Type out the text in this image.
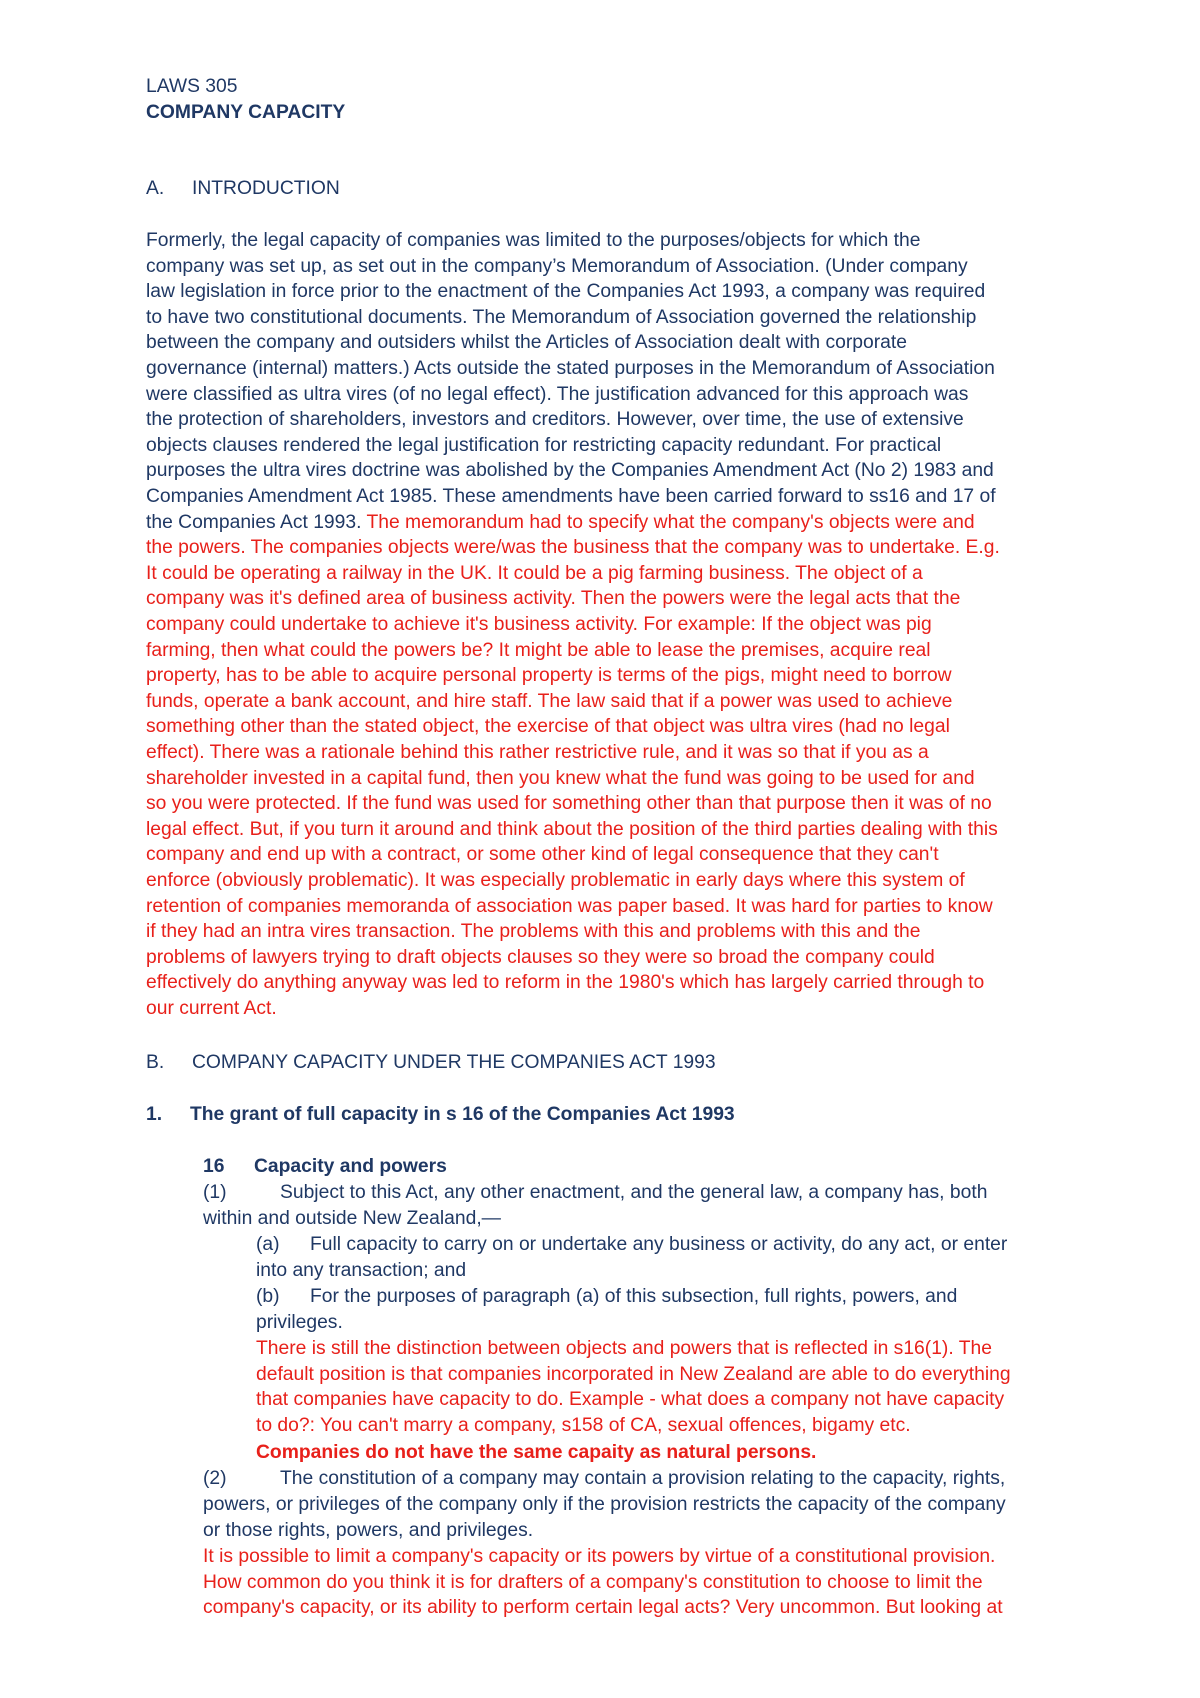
LAWS 305
COMPANY CAPACITY
A. INTRODUCTION
Formerly, the legal capacity of companies was limited to the purposes/objects for which the
company was set up, as set out in the company’s Memorandum of Association. (Under company
law legislation in force prior to the enactment of the Companies Act 1993, a company was required
to have two constitutional documents. The Memorandum of Association governed the relationship
between the company and outsiders whilst the Articles of Association dealt with corporate
governance (internal) matters.) Acts outside the stated purposes in the Memorandum of Association
were classified as ultra vires (of no legal effect). The justification advanced for this approach was
the protection of shareholders, investors and creditors. However, over time, the use of extensive
objects clauses rendered the legal justification for restricting capacity redundant. For practical
purposes the ultra vires doctrine was abolished by the Companies Amendment Act (No 2) 1983 and
Companies Amendment Act 1985. These amendments have been carried forward to ss16 and 17 of
the Companies Act 1993. The memorandum had to specify what the company's objects were and
the powers. The companies objects were/was the business that the company was to undertake. E.g.
It could be operating a railway in the UK. It could be a pig farming business. The object of a
company was it's defined area of business activity. Then the powers were the legal acts that the
company could undertake to achieve it's business activity. For example: If the object was pig
farming, then what could the powers be? It might be able to lease the premises, acquire real
property, has to be able to acquire personal property is terms of the pigs, might need to borrow
funds, operate a bank account, and hire staff. The law said that if a power was used to achieve
something other than the stated object, the exercise of that object was ultra vires (had no legal
effect). There was a rationale behind this rather restrictive rule, and it was so that if you as a
shareholder invested in a capital fund, then you knew what the fund was going to be used for and
so you were protected. If the fund was used for something other than that purpose then it was of no
legal effect. But, if you turn it around and think about the position of the third parties dealing with this
company and end up with a contract, or some other kind of legal consequence that they can't
enforce (obviously problematic). It was especially problematic in early days where this system of
retention of companies memoranda of association was paper based. It was hard for parties to know
if they had an intra vires transaction. The problems with this and problems with this and the
problems of lawyers trying to draft objects clauses so they were so broad the company could
effectively do anything anyway was led to reform in the 1980's which has largely carried through to
our current Act.
B. COMPANY CAPACITY UNDER THE COMPANIES ACT 1993
1. The grant of full capacity in s 16 of the Companies Act 1993
16 Capacity and powers
(1)	Subject to this Act, any other enactment, and the general law, a company has, both
within and outside New Zealand,—
(a) Full capacity to carry on or undertake any business or activity, do any act, or enter
into any transaction; and
(b) For the purposes of paragraph (a) of this subsection, full rights, powers, and
privileges.
There is still the distinction between objects and powers that is reflected in s16(1). The
default position is that companies incorporated in New Zealand are able to do everything
that companies have capacity to do. Example - what does a company not have capacity
to do?: You can't marry a company, s158 of CA, sexual offences, bigamy etc.
Companies do not have the same capaity as natural persons.
(2)	The constitution of a company may contain a provision relating to the capacity, rights,
powers, or privileges of the company only if the provision restricts the capacity of the company
or those rights, powers, and privileges.
It is possible to limit a company's capacity or its powers by virtue of a constitutional provision.
How common do you think it is for drafters of a company's constitution to choose to limit the
company's capacity, or its ability to perform certain legal acts? Very uncommon. But looking at
